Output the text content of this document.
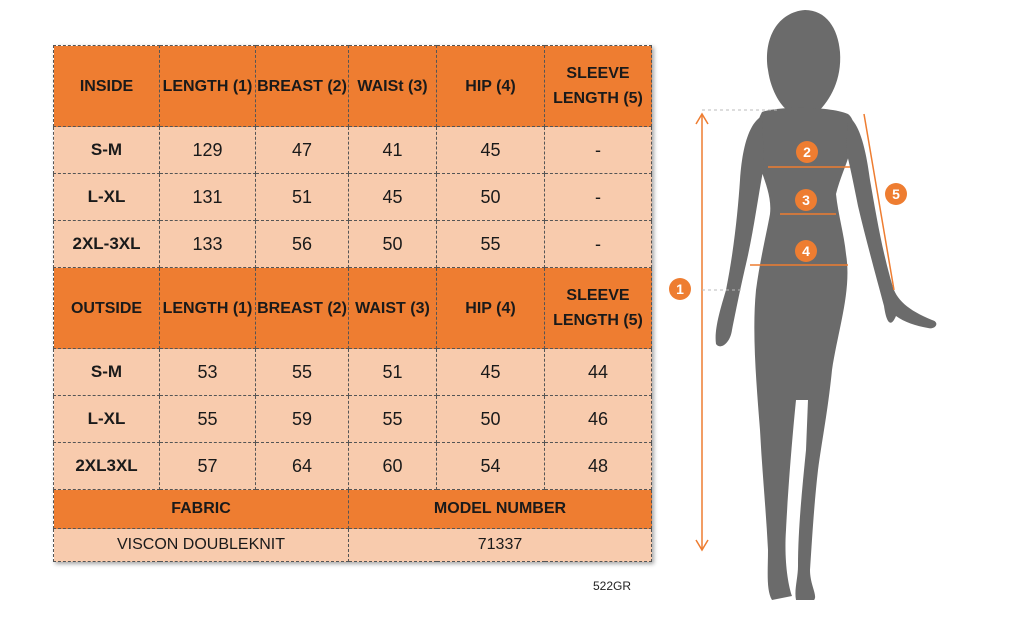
INSIDE	LENGTH (1)	BREAST (2)	WAISt (3)	HIP (4)	SLEEVE LENGTH (5)
S-M	129	47	41	45	-
L-XL	131	51	45	50	-
2XL-3XL	133	56	50	55	-
OUTSIDE	LENGTH (1)	BREAST (2)	WAIST (3)	HIP (4)	SLEEVE LENGTH (5)
S-M	53	55	51	45	44
L-XL	55	59	55	50	46
2XL3XL	57	64	60	54	48
FABRIC			MODEL NUMBER		
VISCON DOUBLEKNIT			71337		
522GR
1
2
3
4
5
